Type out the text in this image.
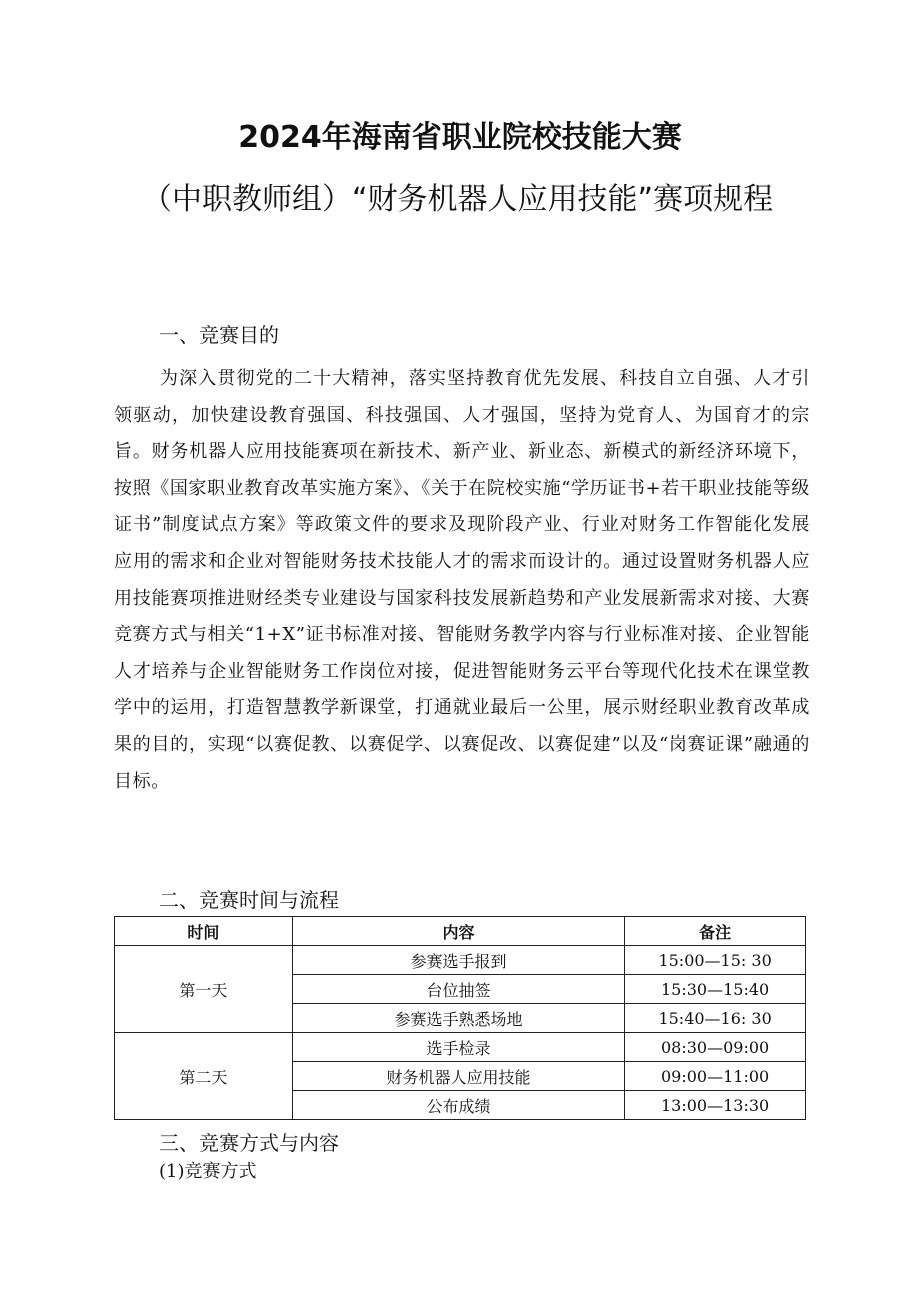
2024年海南省职业院校技能大赛
（中职教师组）“财务机器人应用技能”赛项规程
一、竞赛目的
为深入贯彻党的二十大精神，落实坚持教育优先发展、科技自立自强、人才引领驱动，加快建设教育强国、科技强国、人才强国，坚持为党育人、为国育才的宗旨。财务机器人应用技能赛项在新技术、新产业、新业态、新模式的新经济环境下，按照《国家职业教育改革实施方案》、《关于在院校实施“学历证书+若干职业技能等级证书”制度试点方案》等政策文件的要求及现阶段产业、行业对财务工作智能化发展应用的需求和企业对智能财务技术技能人才的需求而设计的。通过设置财务机器人应用技能赛项推进财经类专业建设与国家科技发展新趋势和产业发展新需求对接、大赛竞赛方式与相关“1+X”证书标准对接、智能财务教学内容与行业标准对接、企业智能人才培养与企业智能财务工作岗位对接，促进智能财务云平台等现代化技术在课堂教学中的运用，打造智慧教学新课堂，打通就业最后一公里，展示财经职业教育改革成果的目的，实现“以赛促教、以赛促学、以赛促改、以赛促建”以及“岗赛证课”融通的目标。
二、竞赛时间与流程
时间	内容	备注
第一天	参赛选手报到	15:00—15: 30
	台位抽签	15:30—15:40
	参赛选手熟悉场地	15:40—16: 30
第二天	选手检录	08:30—09:00
	财务机器人应用技能	09:00—11:00
	公布成绩	13:00—13:30
三、竞赛方式与内容
(1)竞赛方式
